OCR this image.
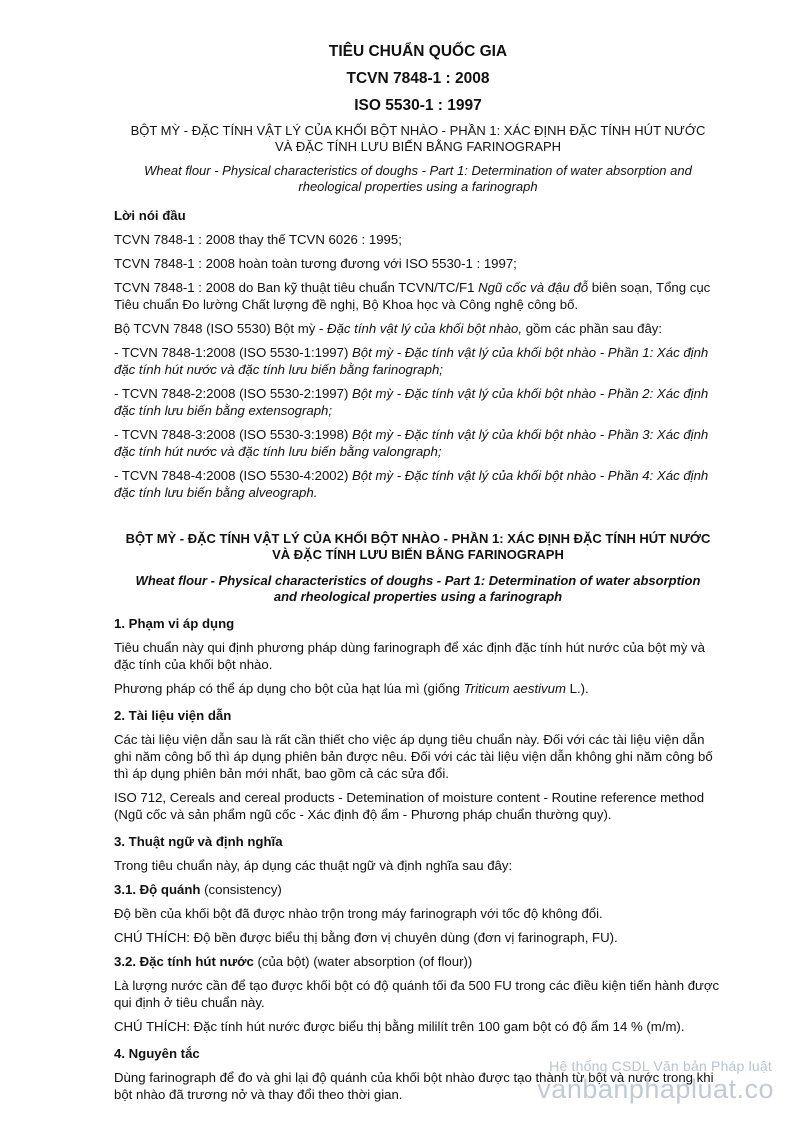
TIÊU CHUẨN QUỐC GIA
TCVN 7848-1 : 2008
ISO 5530-1 : 1997
BỘT MỲ - ĐẶC TÍNH VẬT LÝ CỦA KHỐI BỘT NHÀO - PHẦN 1: XÁC ĐỊNH ĐẶC TÍNH HÚT NƯỚC
VÀ ĐẶC TÍNH LƯU BIẾN BẰNG FARINOGRAPH
Wheat flour - Physical characteristics of doughs - Part 1: Determination of water absorption and
rheological properties using a farinograph
Lời nói đầu

TCVN 7848-1 : 2008 thay thế TCVN 6026 : 1995;

TCVN 7848-1 : 2008 hoàn toàn tương đương với ISO 5530-1 : 1997;

TCVN 7848-1 : 2008 do Ban kỹ thuật tiêu chuẩn TCVN/TC/F1 Ngũ cốc và đậu đỗ biên soạn, Tổng cục Tiêu chuẩn Đo lường Chất lượng đề nghị, Bộ Khoa học và Công nghệ công bố.

Bộ TCVN 7848 (ISO 5530) Bột mỳ - Đặc tính vật lý của khối bột nhào, gồm các phần sau đây:

- TCVN 7848-1:2008 (ISO 5530-1:1997) Bột mỳ - Đặc tính vật lý của khối bột nhào - Phần 1: Xác định đặc tính hút nước và đặc tính lưu biến bằng farinograph;

- TCVN 7848-2:2008 (ISO 5530-2:1997) Bột mỳ - Đặc tính vật lý của khối bột nhào - Phần 2: Xác định đặc tính lưu biến bằng extensograph;

- TCVN 7848-3:2008 (ISO 5530-3:1998) Bột mỳ - Đặc tính vật lý của khối bột nhào - Phần 3: Xác định đặc tính hút nước và đặc tính lưu biến bằng valongraph;

- TCVN 7848-4:2008 (ISO 5530-4:2002) Bột mỳ - Đặc tính vật lý của khối bột nhào - Phần 4: Xác định đặc tính lưu biến bằng alveograph.

BỘT MỲ - ĐẶC TÍNH VẬT LÝ CỦA KHỐI BỘT NHÀO - PHẦN 1: XÁC ĐỊNH ĐẶC TÍNH HÚT NƯỚC
VÀ ĐẶC TÍNH LƯU BIẾN BẰNG FARINOGRAPH
Wheat flour - Physical characteristics of doughs - Part 1: Determination of water absorption
and rheological properties using a farinograph
1. Phạm vi áp dụng

Tiêu chuẩn này qui định phương pháp dùng farinograph để xác định đặc tính hút nước của bột mỳ và đặc tính của khối bột nhào.

Phương pháp có thể áp dụng cho bột của hạt lúa mì (giống Triticum aestivum L.).

2. Tài liệu viện dẫn

Các tài liệu viện dẫn sau là rất cần thiết cho việc áp dụng tiêu chuẩn này. Đối với các tài liệu viện dẫn ghi năm công bố thì áp dụng phiên bản được nêu. Đối với các tài liệu viện dẫn không ghi năm công bố thì áp dụng phiên bản mới nhất, bao gồm cả các sửa đổi.

ISO 712, Cereals and cereal products - Detemination of moisture content - Routine reference method (Ngũ cốc và sản phẩm ngũ cốc - Xác định độ ẩm - Phương pháp chuẩn thường quy).

3. Thuật ngữ và định nghĩa

Trong tiêu chuẩn này, áp dụng các thuật ngữ và định nghĩa sau đây:

3.1. Độ quánh (consistency)

Độ bền của khối bột đã được nhào trộn trong máy farinograph với tốc độ không đổi.

CHÚ THÍCH: Độ bền được biểu thị bằng đơn vị chuyên dùng (đơn vị farinograph, FU).

3.2. Đặc tính hút nước (của bột) (water absorption (of flour))

Là lượng nước cần để tạo được khối bột có độ quánh tối đa 500 FU trong các điều kiện tiến hành được qui định ở tiêu chuẩn này.

CHÚ THÍCH: Đặc tính hút nước được biểu thị bằng mililít trên 100 gam bột có độ ẩm 14 % (m/m).

4. Nguyên tắc

Dùng farinograph để đo và ghi lại độ quánh của khối bột nhào được tạo thành từ bột và nước trong khi bột nhào đã trương nở và thay đổi theo thời gian.

Hệ thống CSDL Văn bản Pháp luật
vanbanphapluat.co
